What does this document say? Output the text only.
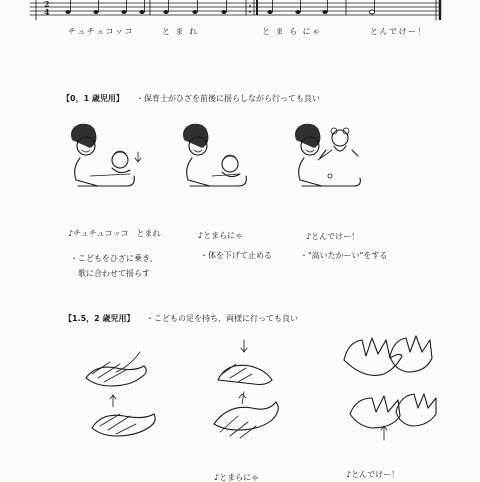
2
4
チュチュコッコ	と ま れ	と ま ら にゃ	とんでけー！
【0，1 歳児用】 ・保育士がひざを前後に揺らしながら行っても良い
♪チュチュコッコ　とまれ	♪とまらにゃ	♪とんでけー！
・こどもをひざに乗き、
歌に合わせて揺らす
・体を下げて止める	・"高いたかーい"をする
【1.5，2 歳児用】 ・こどもの足を持ち、両様に行っても良い
♪とまらにゃ	♪とんでけー！
